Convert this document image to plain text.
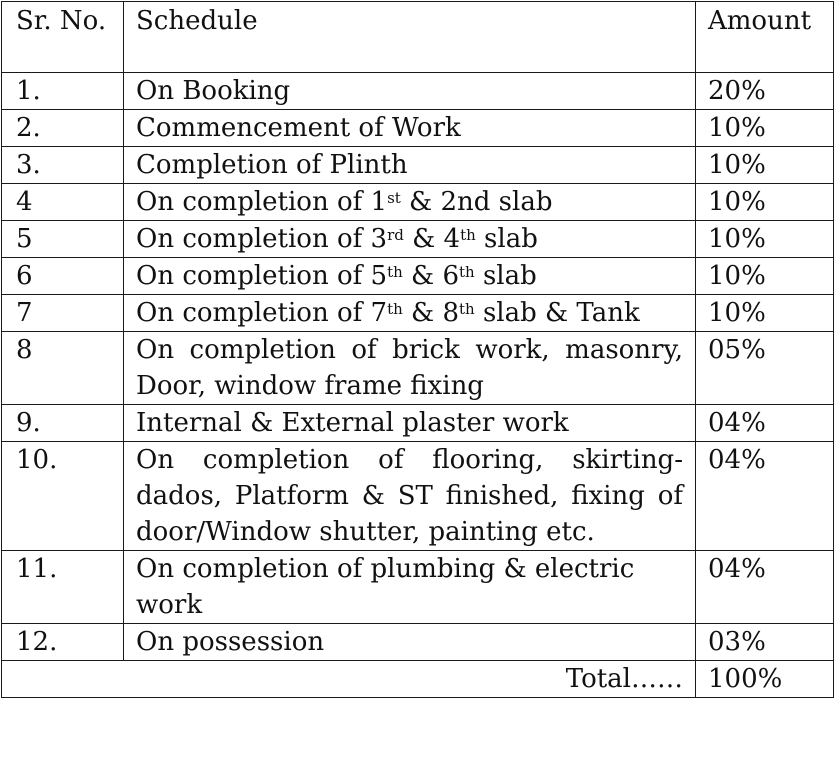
Sr. No.	Schedule	Amount
1.	On Booking	20%
2.	Commencement of Work	10%
3.	Completion of Plinth	10%
4	On completion of 1st & 2nd slab	10%
5	On completion of 3rd & 4th slab	10%
6	On completion of 5th & 6th slab	10%
7	On completion of 7th & 8th slab & Tank	10%
8	On completion of brick work, masonry, Door, window frame fixing	05%
9.	Internal & External plaster work	04%
10.	On completion of flooring, skirting-dados, Platform & ST finished, fixing of door/Window shutter, painting etc.	04%
11.	On completion of plumbing & electric work	04%
12.	On possession	03%
Total……		100%
